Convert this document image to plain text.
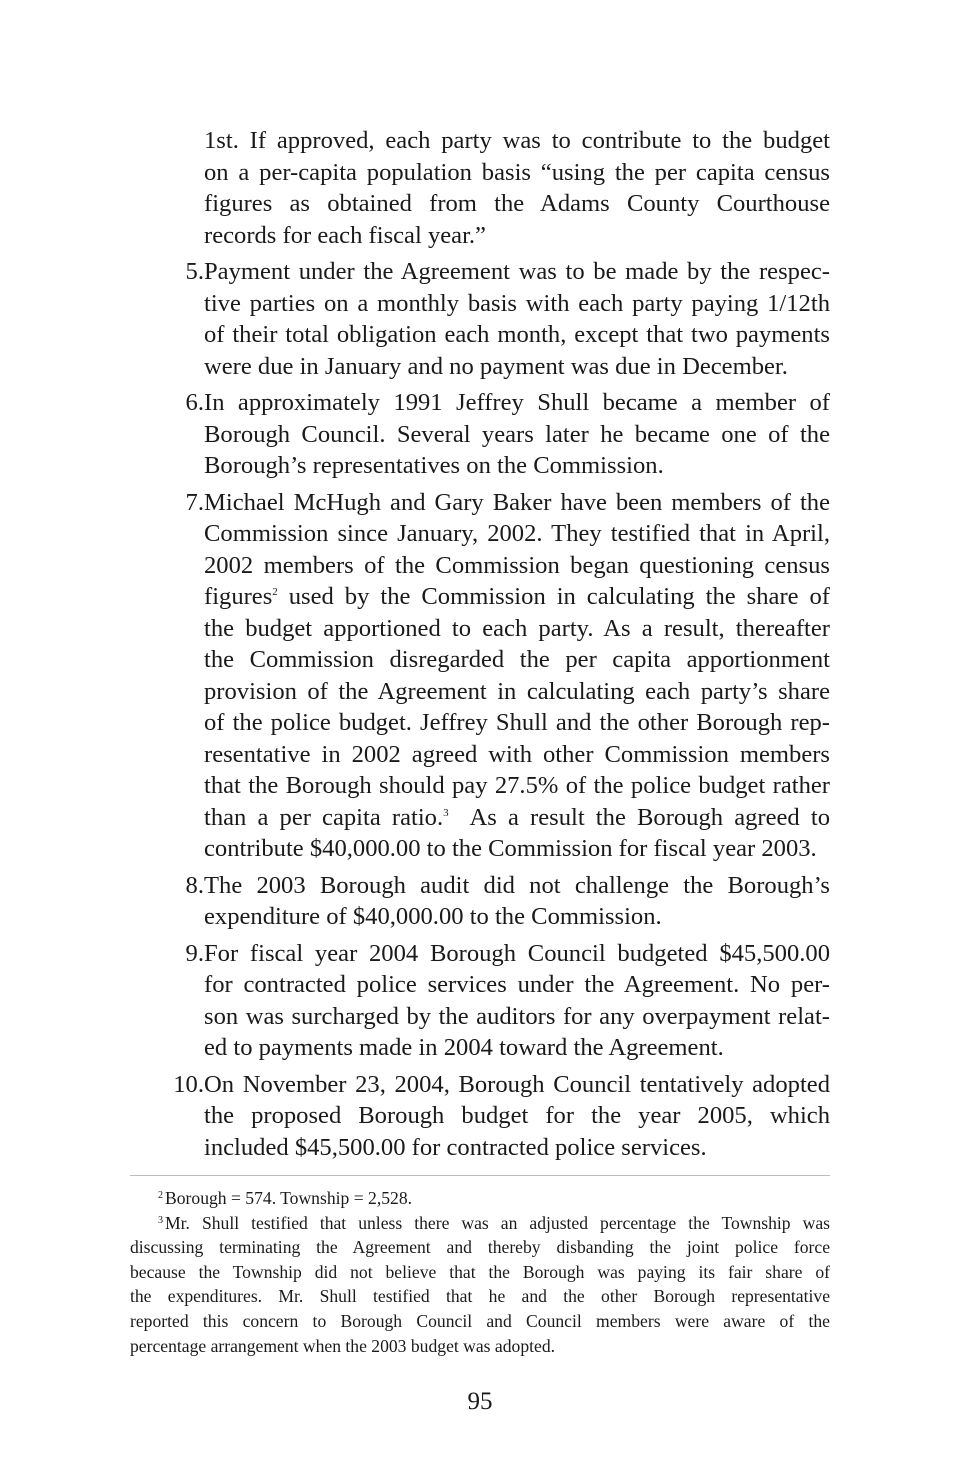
1st. If approved, each party was to contribute to the budget
on a per-capita population basis “using the per capita census
figures as obtained from the Adams County Courthouse
records for each fiscal year.”
5. Payment under the Agreement was to be made by the respec-
tive parties on a monthly basis with each party paying 1/12th
of their total obligation each month, except that two payments
were due in January and no payment was due in December.
6. In approximately 1991 Jeffrey Shull became a member of
Borough Council. Several years later he became one of the
Borough’s representatives on the Commission.
7. Michael McHugh and Gary Baker have been members of the
Commission since January, 2002. They testified that in April,
2002 members of the Commission began questioning census
figures$^2$ used by the Commission in calculating the share of
the budget apportioned to each party. As a result, thereafter
the Commission disregarded the per capita apportionment
provision of the Agreement in calculating each party’s share
of the police budget. Jeffrey Shull and the other Borough rep-
resentative in 2002 agreed with other Commission members
that the Borough should pay 27.5% of the police budget rather
than a per capita ratio.$^3$  As a result the Borough agreed to
contribute $40,000.00 to the Commission for fiscal year 2003.
8. The 2003 Borough audit did not challenge the Borough’s
expenditure of $40,000.00 to the Commission.
9. For fiscal year 2004 Borough Council budgeted $45,500.00
for contracted police services under the Agreement. No per-
son was surcharged by the auditors for any overpayment relat-
ed to payments made in 2004 toward the Agreement.
10. On November 23, 2004, Borough Council tentatively adopted
the proposed Borough budget for the year 2005, which
included $45,500.00 for contracted police services.
$^2$ Borough = 574. Township = 2,528.
$^3$ Mr. Shull testified that unless there was an adjusted percentage the Township was
discussing terminating the Agreement and thereby disbanding the joint police force
because the Township did not believe that the Borough was paying its fair share of
the expenditures. Mr. Shull testified that he and the other Borough representative
reported this concern to Borough Council and Council members were aware of the
percentage arrangement when the 2003 budget was adopted.
95
